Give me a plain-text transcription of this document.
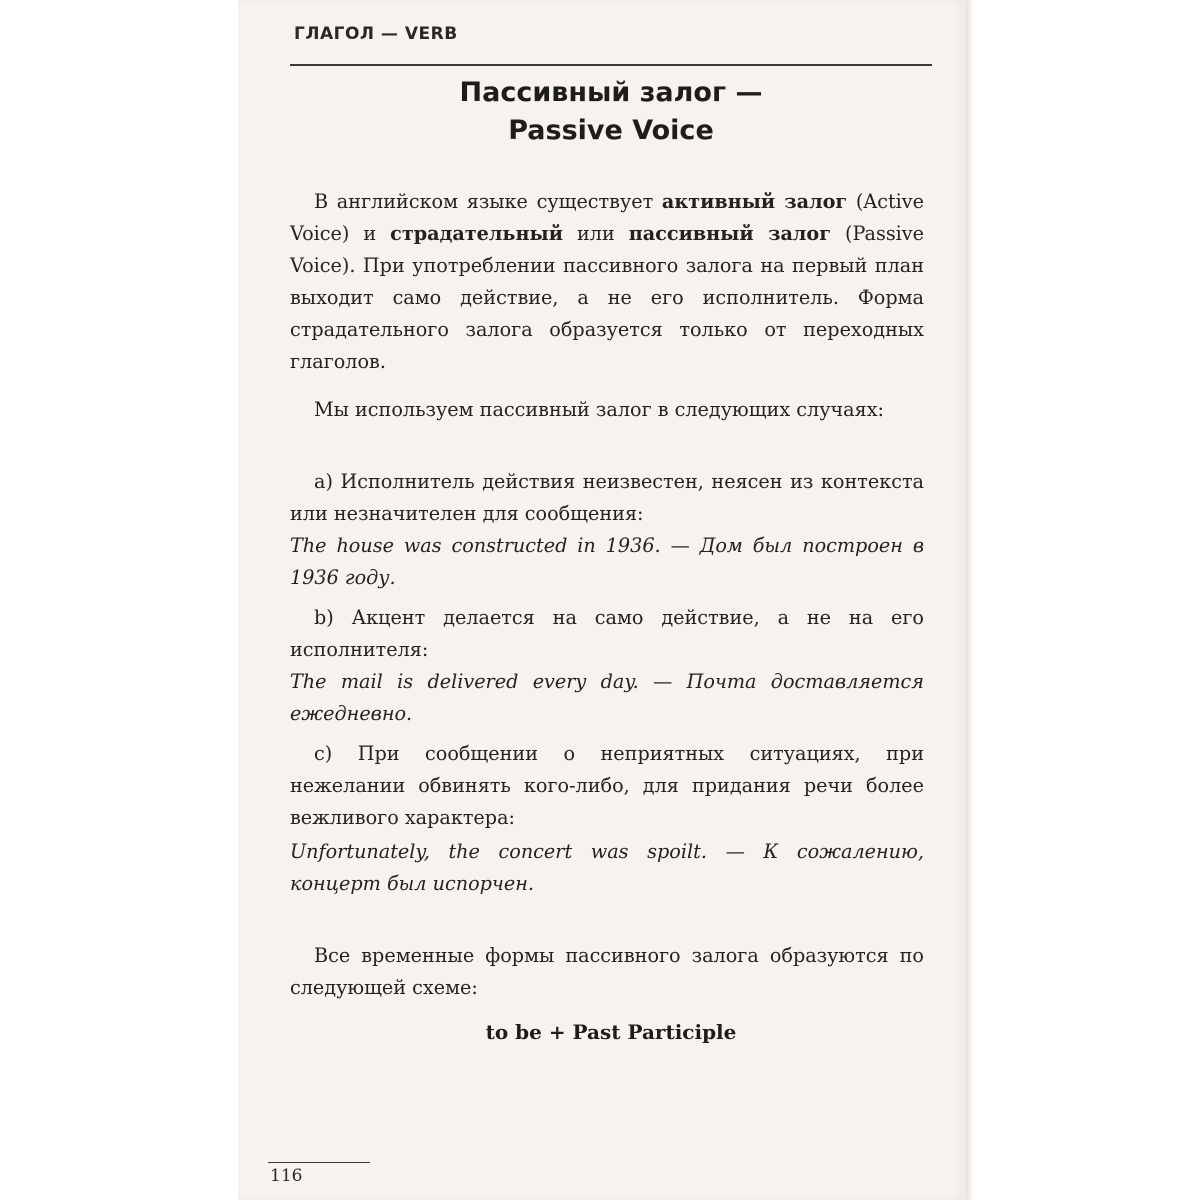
ГЛАГОЛ — VERB
Пассивный залог —
Passive Voice
В английском языке существует активный залог (Active Voice) и страдательный или пассивный залог (Passive Voice). При употреблении пассивного залога на первый план выходит само действие, а не его исполнитель. Форма страдательного залога образуется только от переходных глаголов.
Мы используем пассивный залог в следующих случаях:
a) Исполнитель действия неизвестен, неясен из контекста или незначителен для сообщения:
The house was constructed in 1936. — Дом был построен в 1936 году.
b) Акцент делается на само действие, а не на его исполнителя:
The mail is delivered every day. — Почта доставляется ежедневно.
c) При сообщении о неприятных ситуациях, при нежелании обвинять кого-либо, для придания речи более вежливого характера:
Unfortunately, the concert was spoilt. — К сожалению, концерт был испорчен.
Все временные формы пассивного залога образуются по следующей схеме:
to be + Past Participle
116
